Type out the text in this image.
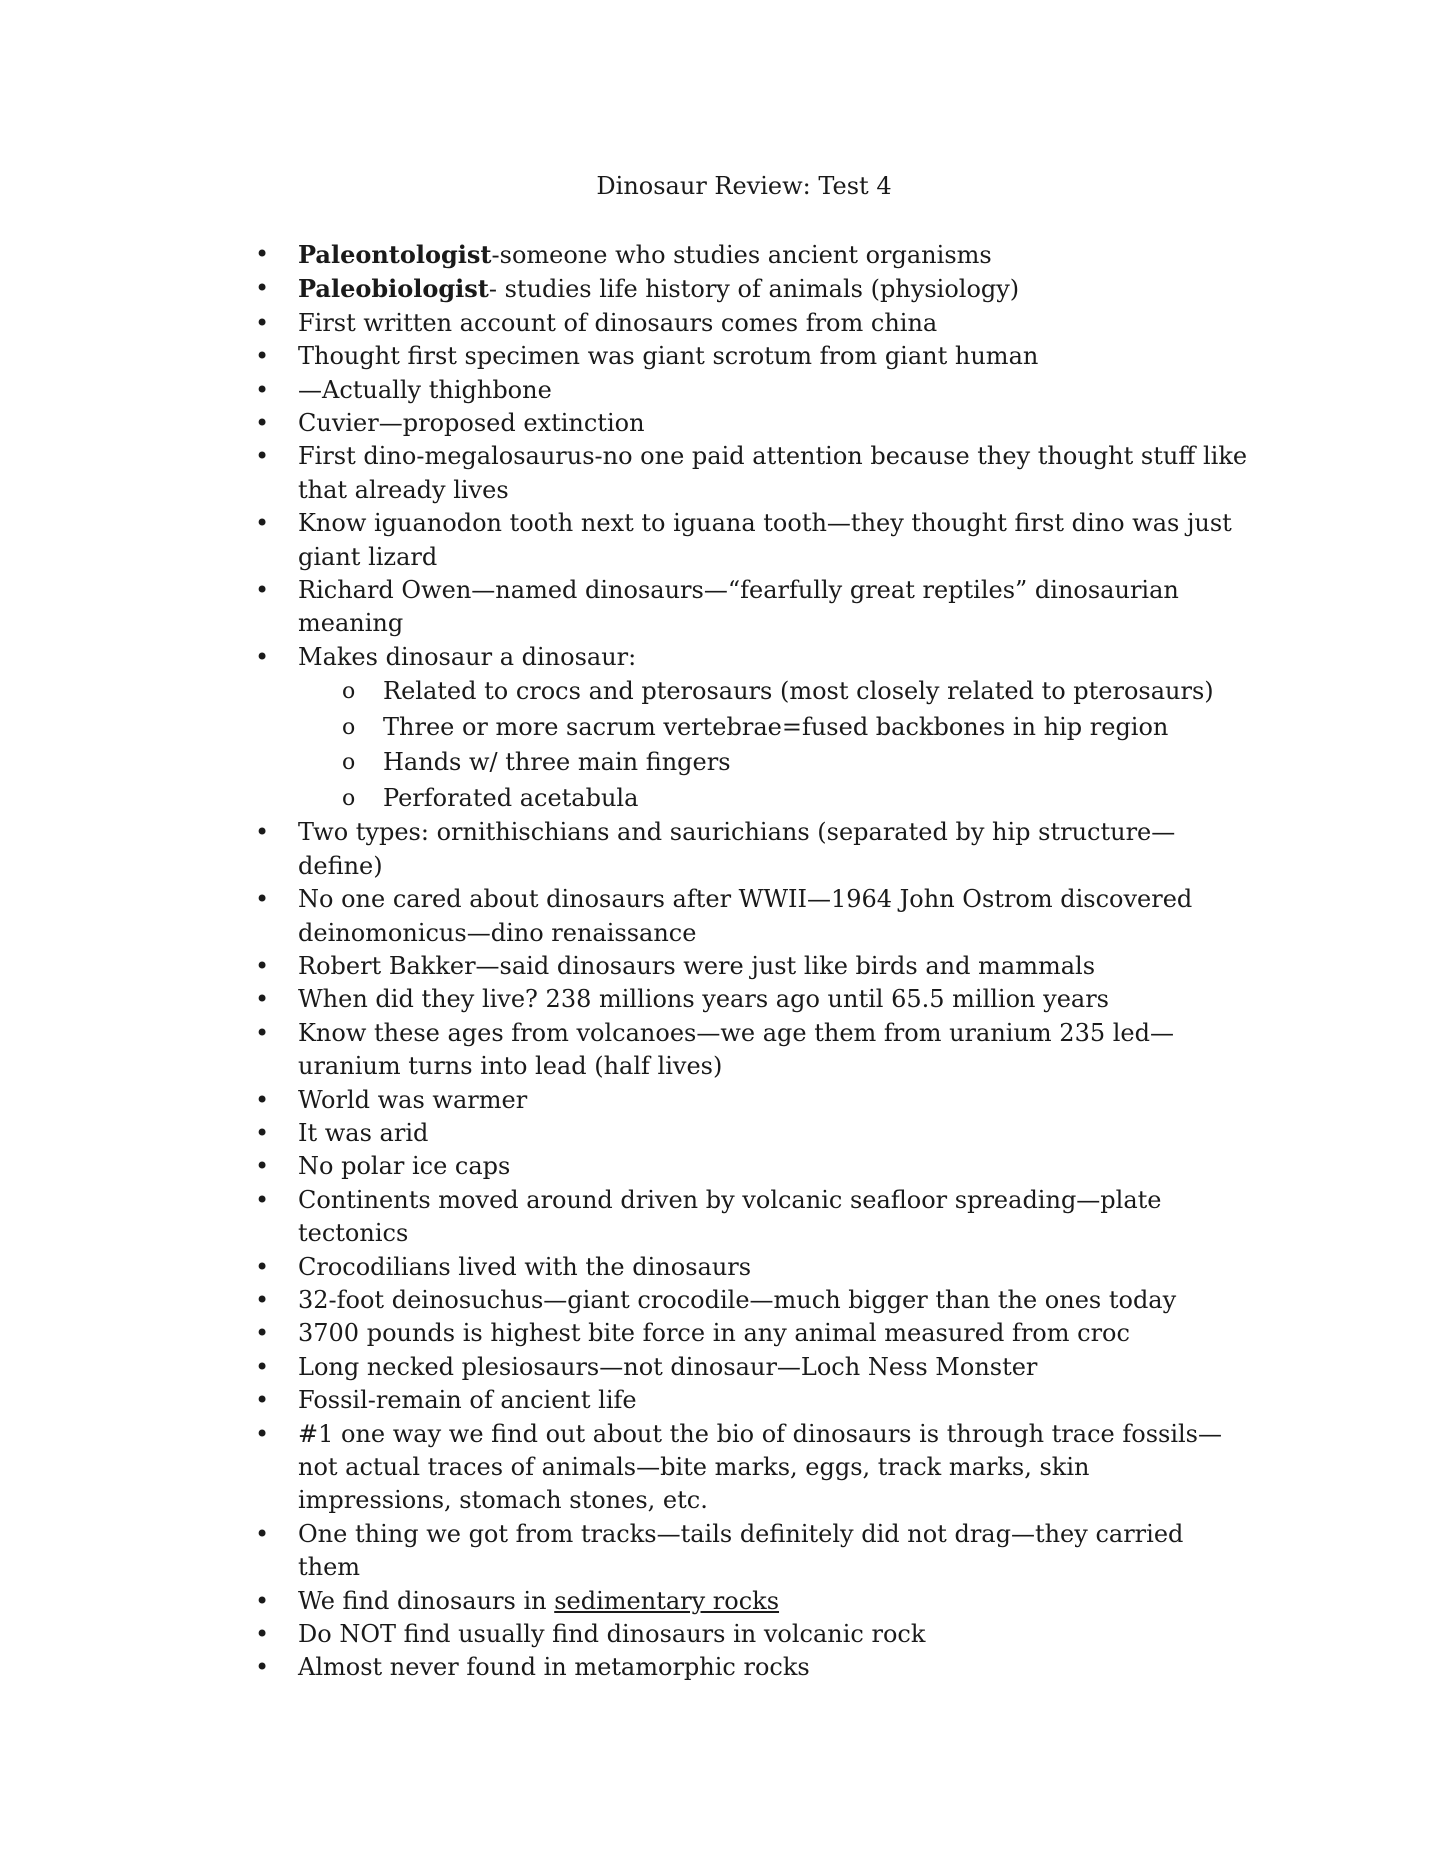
Dinosaur Review: Test 4
• Paleontologist-someone who studies ancient organisms
• Paleobiologist- studies life history of animals (physiology)
• First written account of dinosaurs comes from china
• Thought first specimen was giant scrotum from giant human
• —Actually thighbone
• Cuvier—proposed extinction
• First dino-megalosaurus-no one paid attention because they thought stuff like that already lives
• Know iguanodon tooth next to iguana tooth—they thought first dino was just giant lizard
• Richard Owen—named dinosaurs—“fearfully great reptiles” dinosaurian meaning
• Makes dinosaur a dinosaur:
o Related to crocs and pterosaurs (most closely related to pterosaurs)
o Three or more sacrum vertebrae=fused backbones in hip region
o Hands w/ three main fingers
o Perforated acetabula
• Two types: ornithischians and saurichians (separated by hip structure—define)
• No one cared about dinosaurs after WWII—1964 John Ostrom discovered deinomonicus—dino renaissance
• Robert Bakker—said dinosaurs were just like birds and mammals
• When did they live? 238 millions years ago until 65.5 million years
• Know these ages from volcanoes—we age them from uranium 235 led—uranium turns into lead (half lives)
• World was warmer
• It was arid
• No polar ice caps
• Continents moved around driven by volcanic seafloor spreading—plate tectonics
• Crocodilians lived with the dinosaurs
• 32-foot deinosuchus—giant crocodile—much bigger than the ones today
• 3700 pounds is highest bite force in any animal measured from croc
• Long necked plesiosaurs—not dinosaur—Loch Ness Monster
• Fossil-remain of ancient life
• #1 one way we find out about the bio of dinosaurs is through trace fossils—not actual traces of animals—bite marks, eggs, track marks, skin impressions, stomach stones, etc.
• One thing we got from tracks—tails definitely did not drag—they carried them
• We find dinosaurs in sedimentary rocks
• Do NOT find usually find dinosaurs in volcanic rock
• Almost never found in metamorphic rocks
